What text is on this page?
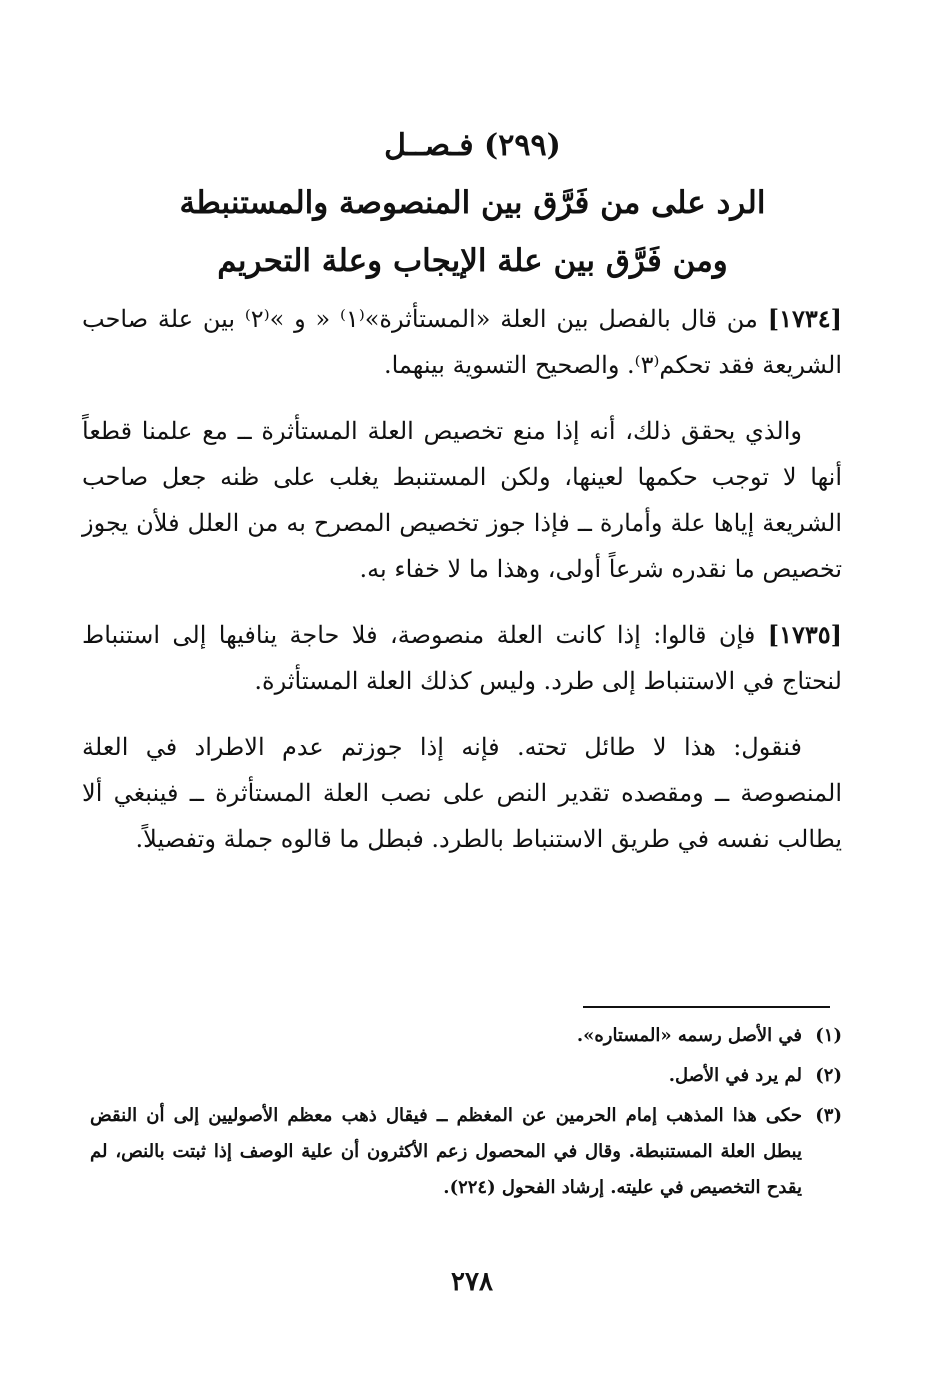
(٢٩٩) فـصــل

الرد على من فَرَّق بين المنصوصة والمستنبطة

ومن فَرَّق بين علة الإيجاب وعلة التحريم

[١٧٣٤] من قال بالفصل بين العلة «المستأثرة»⁽١⁾ « و »⁽٢⁾ بين علة صاحب الشريعة فقد تحكم⁽٣⁾. والصحيح التسوية بينهما.

والذي يحقق ذلك، أنه إذا منع تخصيص العلة المستأثرة ــ مع علمنا قطعاً أنها لا توجب حكمها لعينها، ولكن المستنبط يغلب على ظنه جعل صاحب الشريعة إياها علة وأمارة ــ فإذا جوز تخصيص المصرح به من العلل فلأن يجوز تخصيص ما نقدره شرعاً أولى، وهذا ما لا خفاء به.

[١٧٣٥] فإن قالوا: إذا كانت العلة منصوصة، فلا حاجة ينافيها إلى استنباط لنحتاج في الاستنباط إلى طرد. وليس كذلك العلة المستأثرة.

فنقول: هذا لا طائل تحته. فإنه إذا جوزتم عدم الاطراد في العلة المنصوصة ــ ومقصده تقدير النص على نصب العلة المستأثرة ــ فينبغي ألا يطالب نفسه في طريق الاستنباط بالطرد. فبطل ما قالوه جملة وتفصيلاً.

(١)
في الأصل رسمه «المستاره».
(٢)
لم يرد في الأصل.
(٣)
حكى هذا المذهب إمام الحرمين عن المغظم ــ فيقال ذهب معظم الأصوليين إلى أن النقض يبطل العلة المستنبطة. وقال في المحصول زعم الأكثرون أن علية الوصف إذا ثبتت بالنص، لم يقدح التخصيص في عليته. إرشاد الفحول (٢٢٤).
٢٧٨
